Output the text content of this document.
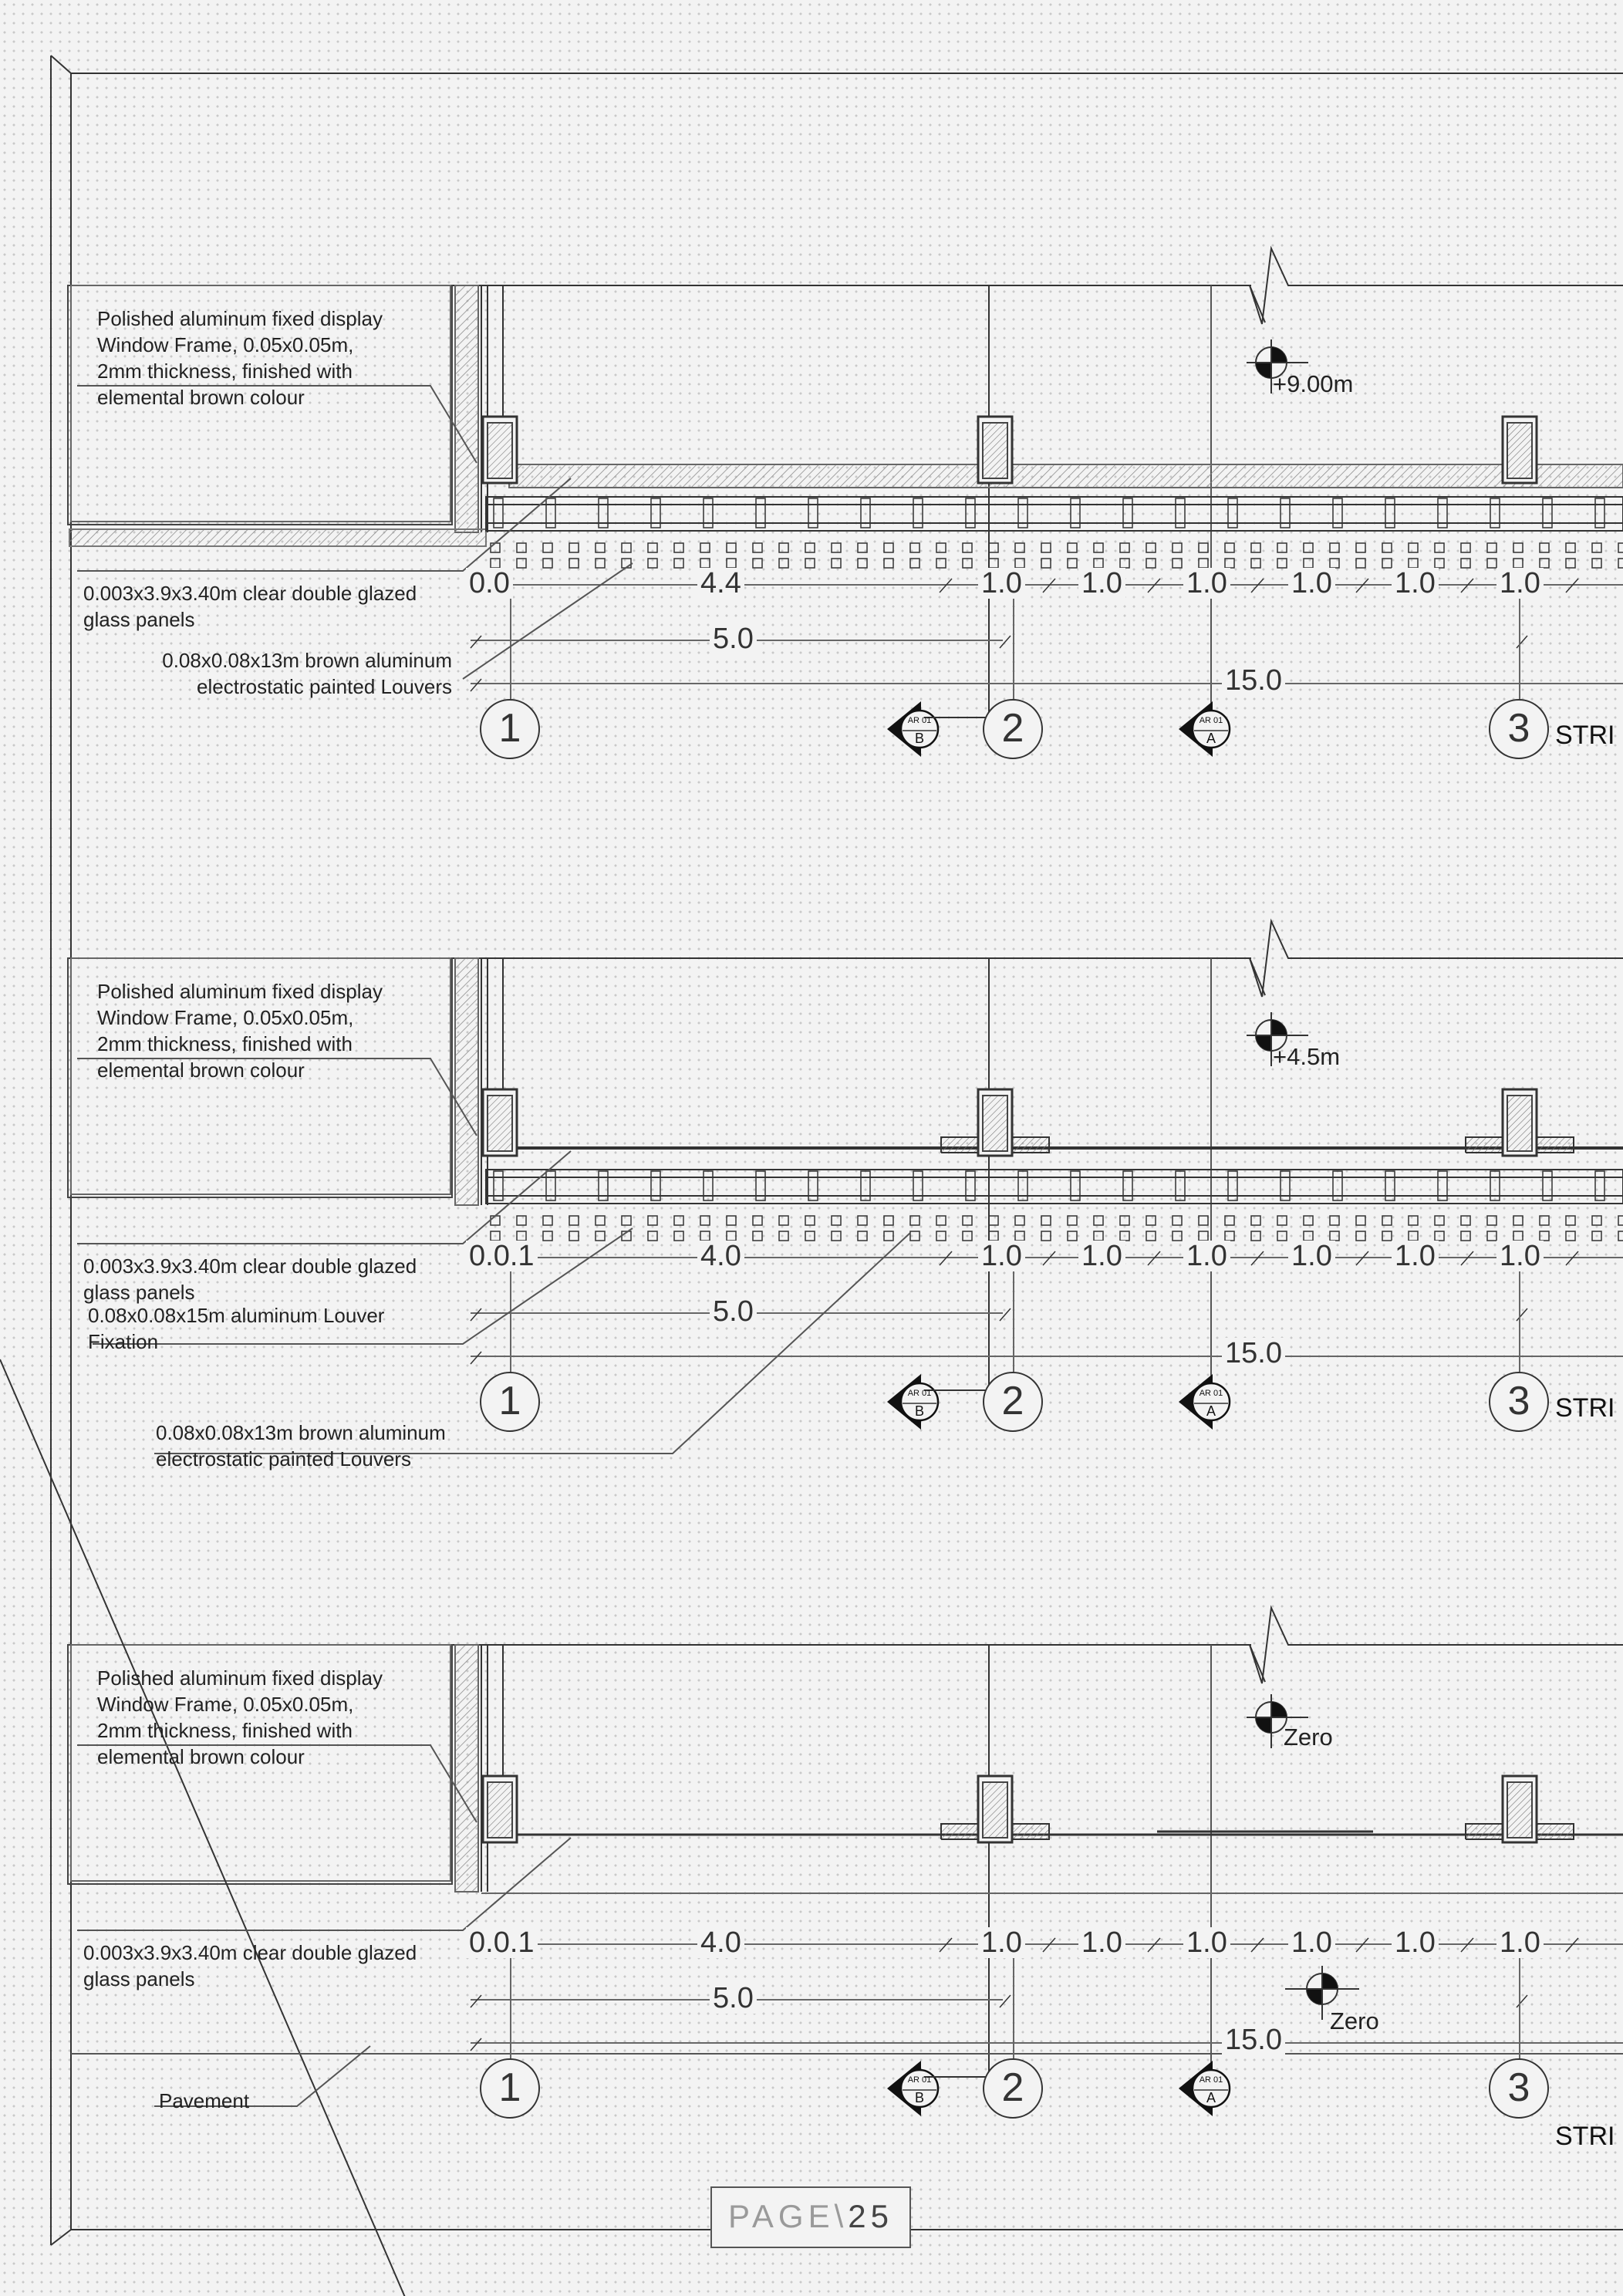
Polished aluminum fixed display
Window Frame, 0.05x0.05m,
2mm thickness, finished with
elemental brown colour
0.003x3.9x3.40m clear double glazed
glass panels
0.08x0.08x13m brown aluminum
electrostatic painted Louvers
+9.00m
0.0	4.4	1.0 1.0 1.0 1.0 1.0 1.0
5.0
15.0
1	2	3
AR 01
B
AR 01
A	STRI
Polished aluminum fixed display
Window Frame, 0.05x0.05m,
2mm thickness, finished with
elemental brown colour
0.003x3.9x3.40m clear double glazed
glass panels
0.08x0.08x13m brown aluminum
electrostatic painted Louvers
0.08x0.08x15m aluminum Louver
Fixation
+4.5m
0.0.1	4.0	1.0 1.0 1.0 1.0 1.0 1.0
5.0
15.0
1	2	3
AR 01
B
AR 01
A	STRI
Polished aluminum fixed display
Window Frame, 0.05x0.05m,
2mm thickness, finished with
elemental brown colour
0.003x3.9x3.40m clear double glazed
glass panels
Pavement
Zero
Zero
0.0.1	4.0	1.0 1.0 1.0 1.0 1.0 1.0
5.0
15.0
1	2	3
AR 01
B
AR 01
A
STRI
PAGE\25
